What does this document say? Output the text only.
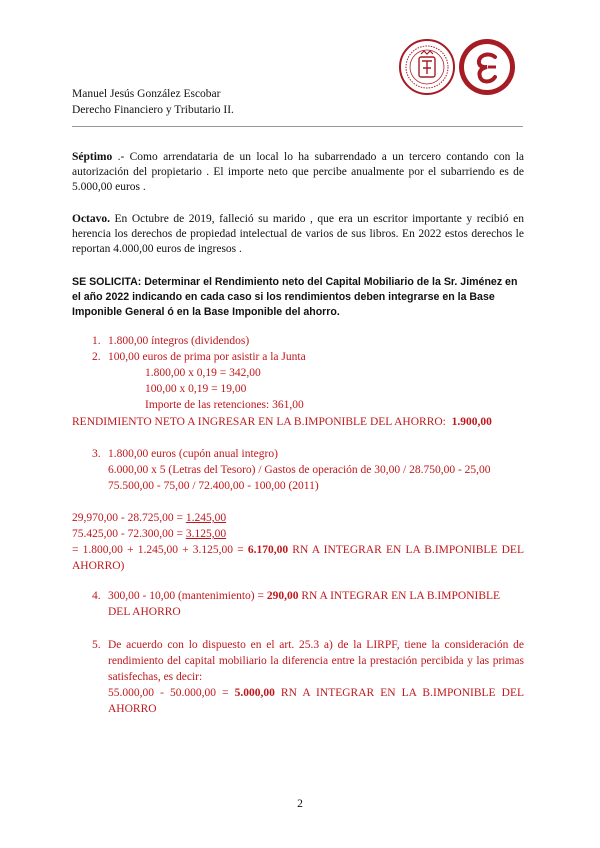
Manuel Jesús González Escobar
Derecho Financiero y Tributario II.
Séptimo .- Como arrendataria de un local lo ha subarrendado a un tercero contando con la autorización del propietario . El importe neto que percibe anualmente por el subarriendo es de 5.000,00 euros .
Octavo. En Octubre de 2019, falleció su marido , que era un escritor importante y recibió en herencia los derechos de propiedad intelectual de varios de sus libros. En 2022 estos derechos le reportan 4.000,00 euros de ingresos .
SE SOLICITA: Determinar el Rendimiento neto del Capital Mobiliario de la Sr. Jiménez en el año 2022 indicando en cada caso si los rendimientos deben integrarse en la Base Imponible General ó en la Base Imponible del ahorro.
1. 1.800,00 íntegros (dividendos)
2. 100,00 euros de prima por asistir a la Junta
1.800,00 x 0,19 = 342,00
100,00 x 0,19 = 19,00
Importe de las retenciones: 361,00
RENDIMIENTO NETO A INGRESAR EN LA B.IMPONIBLE DEL AHORRO:  1.900,00
3. 1.800,00 euros (cupón anual integro)
6.000,00 x 5 (Letras del Tesoro) / Gastos de operación de 30,00 / 28.750,00 - 25,00
75.500,00 - 75,00 / 72.400,00 - 100,00 (2011)
29,970,00 - 28.725,00 = 1.245,00
75.425,00 - 72.300,00 = 3.125,00
= 1.800,00 + 1.245,00 + 3.125,00 = 6.170,00 RN A INTEGRAR EN LA B.IMPONIBLE DEL AHORRO)
4. 300,00 - 10,00 (mantenimiento) = 290,00 RN A INTEGRAR EN LA B.IMPONIBLE DEL AHORRO
5. De acuerdo con lo dispuesto en el art. 25.3 a) de la LIRPF, tiene la consideración de rendimiento del capital mobiliario la diferencia entre la prestación percibida y las primas satisfechas, es decir:
55.000,00 - 50.000,00 = 5.000,00 RN A INTEGRAR EN LA B.IMPONIBLE DEL AHORRO
2
